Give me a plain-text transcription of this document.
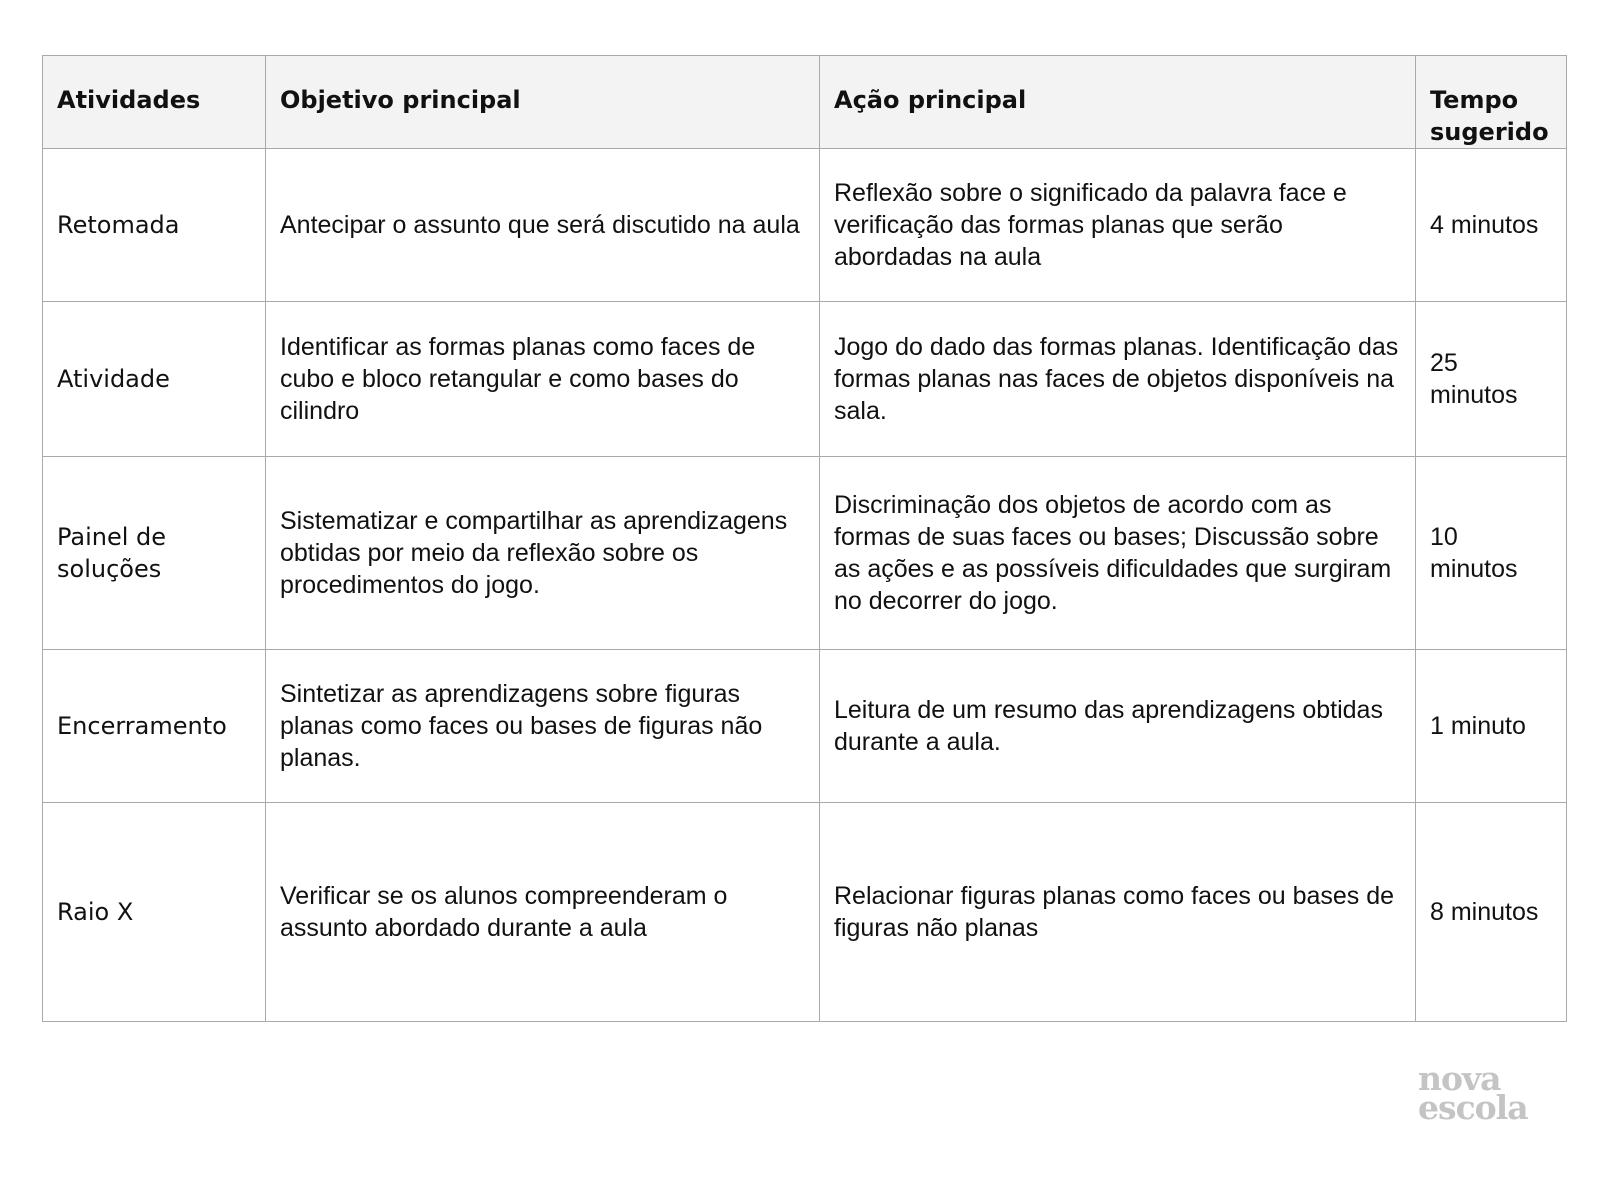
Atividades	Objetivo principal	Ação principal	Tempo sugerido
Retomada	Antecipar o assunto que será discutido na aula	Reflexão sobre o significado da palavra face e verificação das formas planas que serão abordadas na aula	4 minutos
Atividade	Identificar as formas planas como faces de cubo e bloco retangular e como bases do cilindro	Jogo do dado das formas planas. Identificação das formas planas nas faces de objetos disponíveis na sala.	25 minutos
Painel de soluções	Sistematizar e compartilhar as aprendizagens obtidas por meio da reflexão sobre os procedimentos do jogo.	Discriminação dos objetos de acordo com as formas de suas faces ou bases; Discussão sobre as ações e as possíveis dificuldades que surgiram no decorrer do jogo.	10 minutos
Encerramento	Sintetizar as aprendizagens sobre figuras planas como faces ou bases de figuras não planas.	Leitura de um resumo das aprendizagens obtidas durante a aula.	1 minuto
Raio X	Verificar se os alunos compreenderam o assunto abordado durante a aula	Relacionar figuras planas como faces ou bases de figuras não planas	8 minutos
nova
escola
